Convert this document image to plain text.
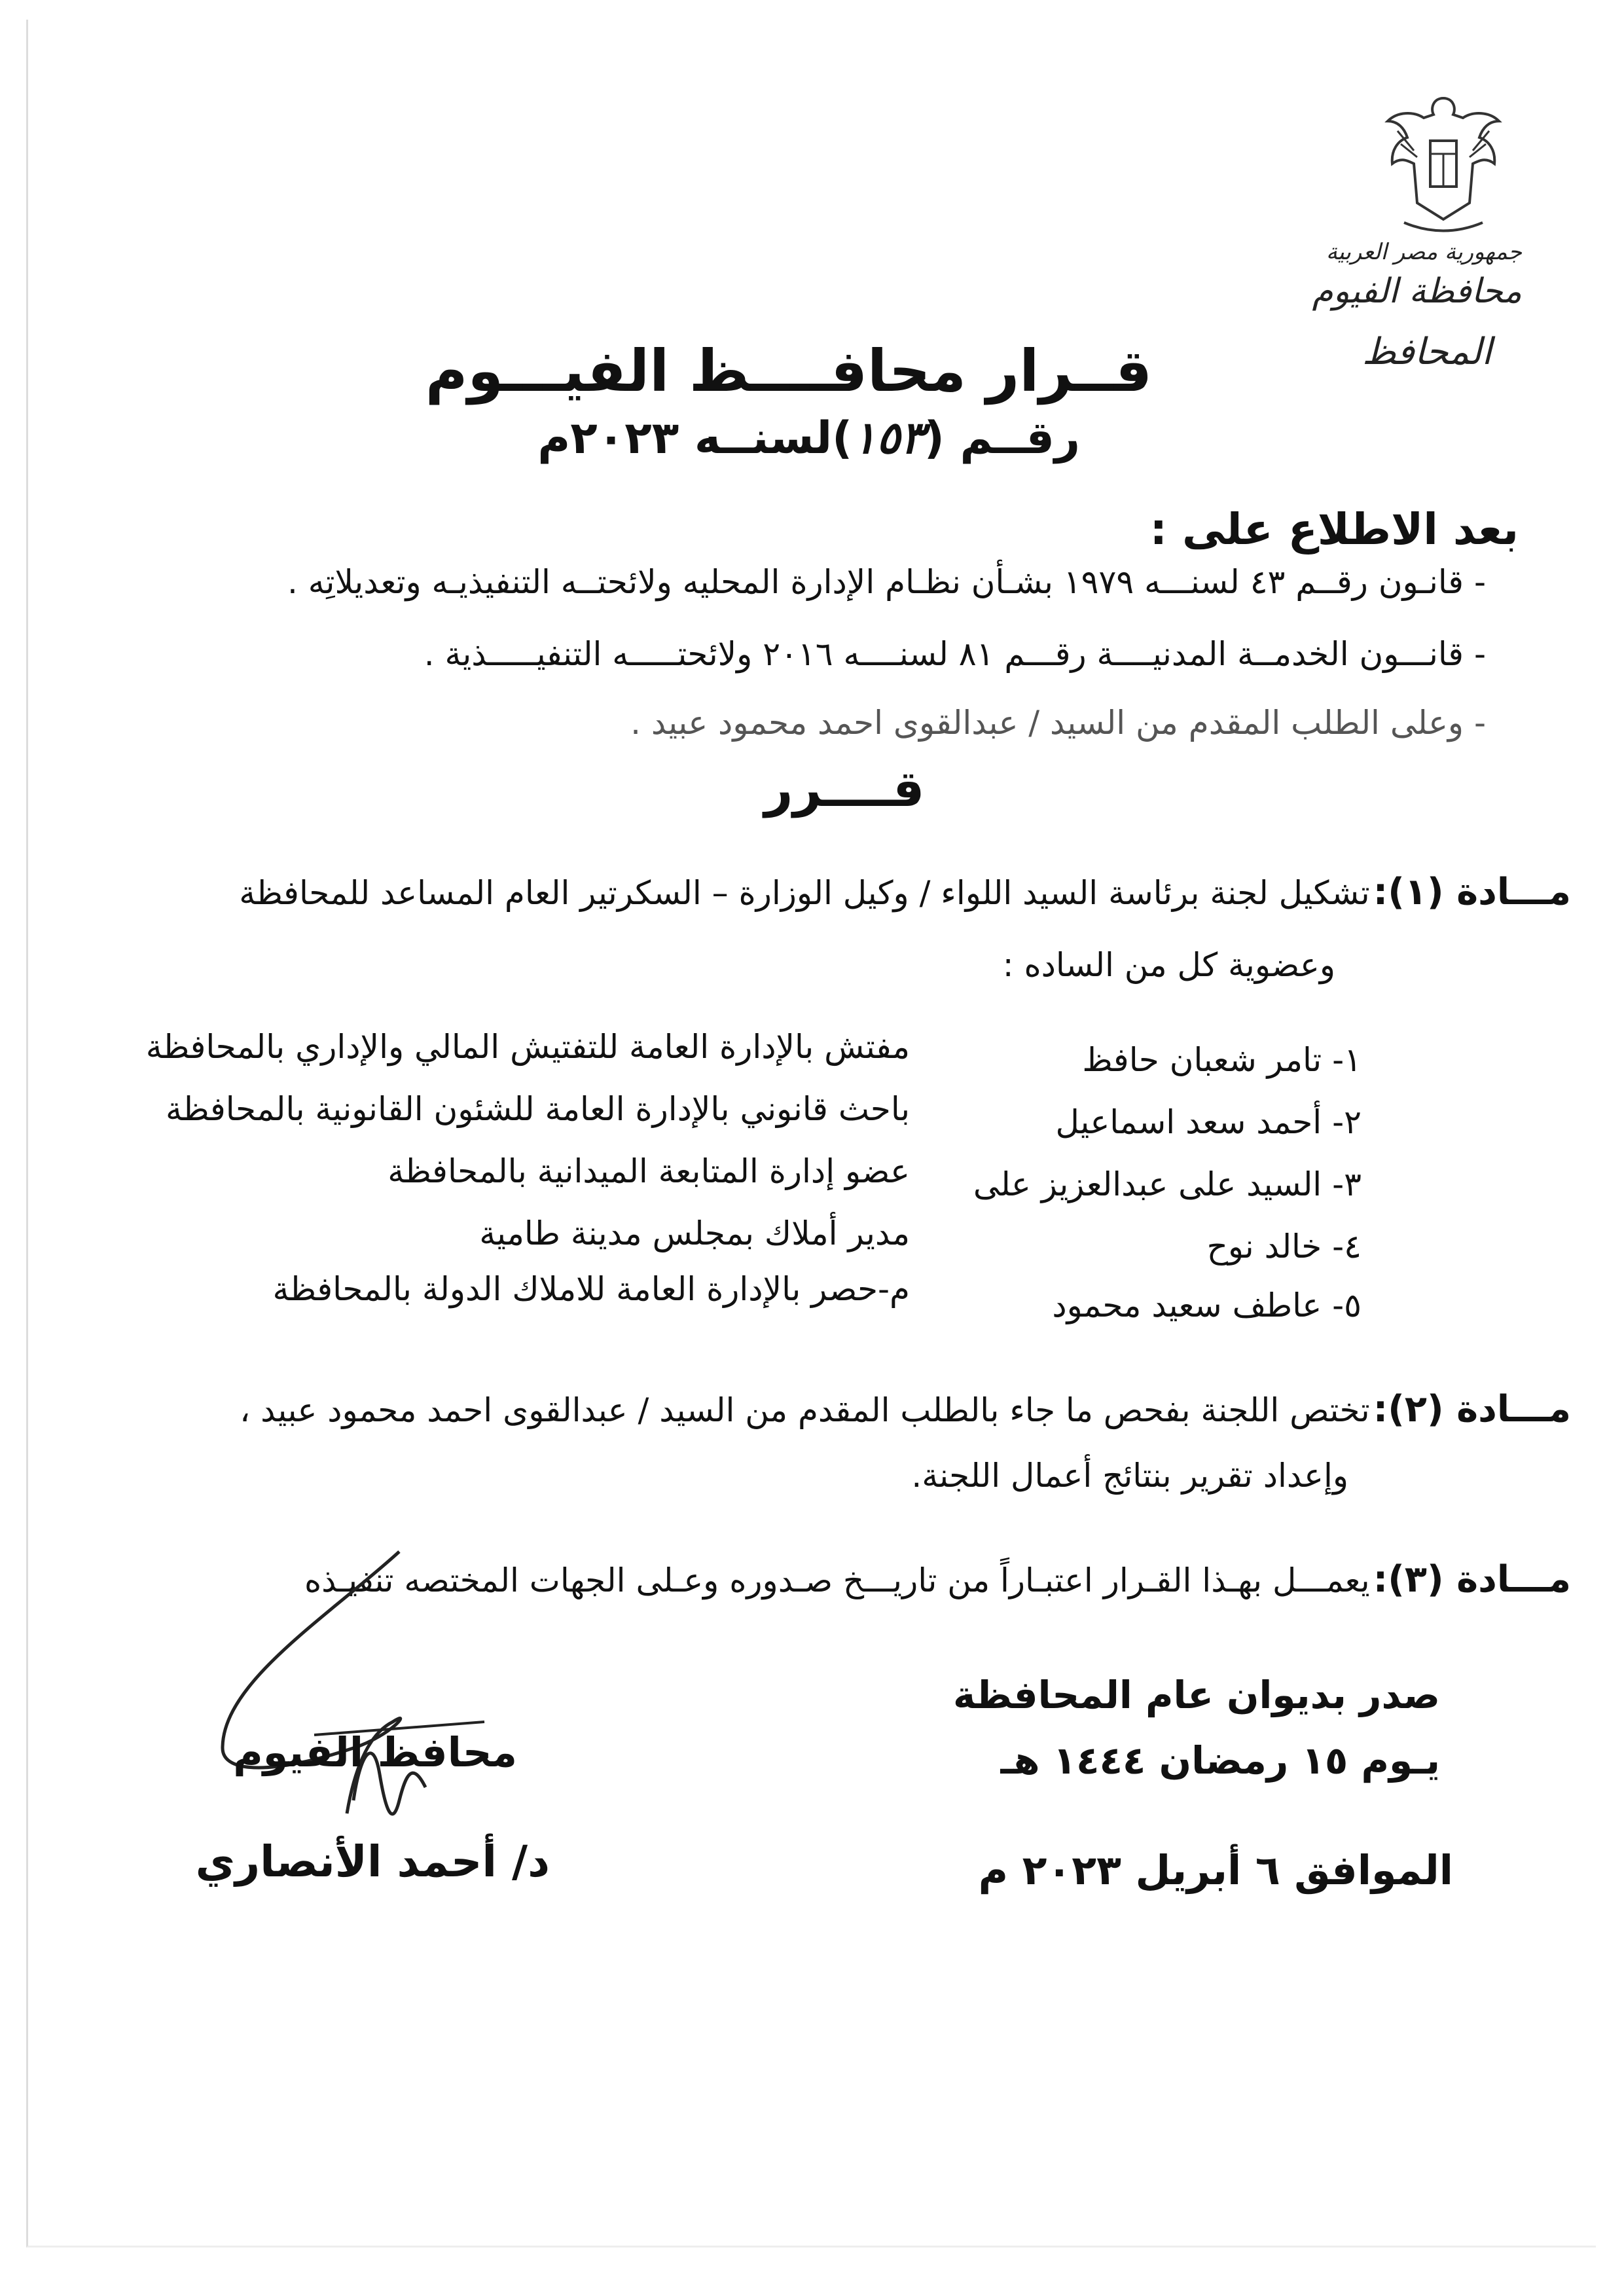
جمهورية مصر العربية
محافظة الفيوم
المحافظ
قــرار محافــــظ الفيـــوم
رقــم (١٥٣)لسنــه ٢٠٢٣م
بعد الاطلاع على :
- قانـون رقــم ٤٣ لسنـــه ١٩٧٩ بشـأن نظـام الإدارة المحليه ولائحتــه التنفيذيـه وتعديلاتِه .
- قانـــون الخدمــة المدنيــــة رقـــم ٨١ لسنــــه ٢٠١٦ ولائحتـــــه التنفيـــــذية .
- وعلى الطلب المقدم من السيد / عبدالقوى احمد محمود عبيد .
قــــرر
مـــادة (١): تشكيل لجنة برئاسة السيد اللواء / وكيل الوزارة – السكرتير العام المساعد للمحافظة
وعضوية كل من الساده :
١- تامر شعبان حافظ
مفتش بالإدارة العامة للتفتيش المالي والإداري بالمحافظة
٢- أحمد سعد اسماعيل
باحث قانوني بالإدارة العامة للشئون القانونية بالمحافظة
٣- السيد على عبدالعزيز على
عضو إدارة المتابعة الميدانية بالمحافظة
٤- خالد نوح
مدير أملاك بمجلس مدينة طامية
٥- عاطف سعيد محمود
م-حصر بالإدارة العامة للاملاك الدولة بالمحافظة
مـــادة (٢): تختص اللجنة بفحص ما جاء بالطلب المقدم من السيد / عبدالقوى احمد محمود عبيد ،
وإعداد تقرير بنتائج أعمال اللجنة.
مـــادة (٣): يعمـــل بهـذا القـرار اعتبـاراً من تاريـــخ صـدوره وعـلى الجهات المختصه تنفيـذه
صدر بديوان عام المحافظة
يـوم ١٥ رمضان ١٤٤٤ هـ
الموافق ٦ أبريل ٢٠٢٣ م
محافظ الفيوم
د/ أحمد الأنصاري
